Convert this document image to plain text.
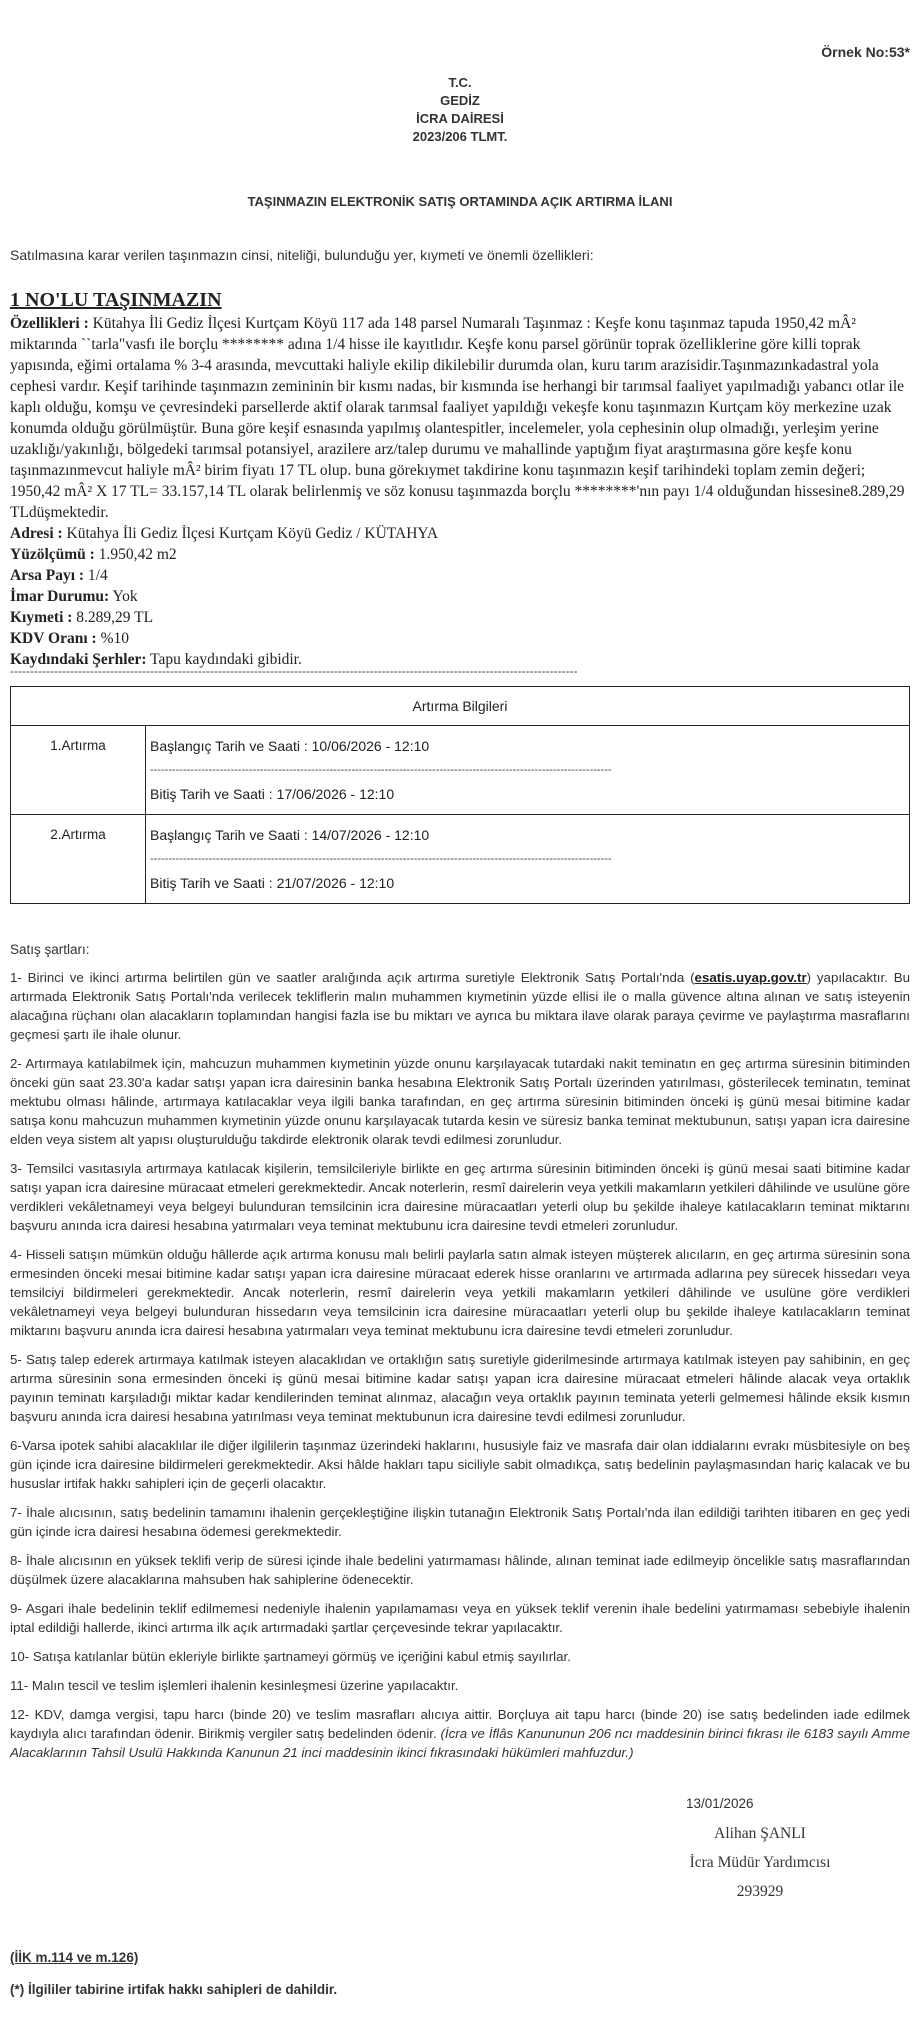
Örnek No:53*
T.C.
GEDİZ
İCRA DAİRESİ
2023/206 TLMT.
TAŞINMAZIN ELEKTRONİK SATIŞ ORTAMINDA AÇIK ARTIRMA İLANI
Satılmasına karar verilen taşınmazın cinsi, niteliği, bulunduğu yer, kıymeti ve önemli özellikleri:
1 NO'LU TAŞINMAZIN

Özellikleri : Kütahya İli Gediz İlçesi Kurtçam Köyü 117 ada 148 parsel Numaralı Taşınmaz : Keşfe konu taşınmaz tapuda 1950,42 mÂ² miktarında ``tarla"vasfı ile borçlu ******** adına 1/4 hisse ile kayıtlıdır. Keşfe konu parsel görünür toprak özelliklerine göre killi toprak yapısında, eğimi ortalama % 3-4 arasında, mevcuttaki haliyle ekilip dikilebilir durumda olan, kuru tarım arazisidir.Taşınmazınkadastral yola cephesi vardır. Keşif tarihinde taşınmazın zemininin bir kısmı nadas, bir kısmında ise herhangi bir tarımsal faaliyet yapılmadığı yabancı otlar ile kaplı olduğu, komşu ve çevresindeki parsellerde aktif olarak tarımsal faaliyet yapıldığı vekeşfe konu taşınmazın Kurtçam köy merkezine uzak konumda olduğu görülmüştür. Buna göre keşif esnasında yapılmış olantespitler, incelemeler, yola cephesinin olup olmadığı, yerleşim yerine uzaklığı/yakınlığı, bölgedeki tarımsal potansiyel, arazilere arz/talep durumu ve mahallinde yaptığım fiyat araştırmasına göre keşfe konu taşınmazınmevcut haliyle mÂ² birim fiyatı 17 TL olup. buna görekıymet takdirine konu taşınmazın keşif tarihindeki toplam zemin değeri; 1950,42 mÂ² X 17 TL= 33.157,14 TL olarak belirlenmiş ve söz konusu taşınmazda borçlu ********'nın payı 1/4 olduğundan hissesine8.289,29 TLdüşmektedir.

Adresi : Kütahya İli Gediz İlçesi Kurtçam Köyü Gediz / KÜTAHYA

Yüzölçümü : 1.950,42 m2

Arsa Payı : 1/4

İmar Durumu: Yok

Kıymeti : 8.289,29 TL

KDV Oranı : %10

Kaydındaki Şerhler: Tapu kaydındaki gibidir.

----------------------------------------------------------------------------------------------------------------------------------------------
Artırma Bilgileri	
1.Artırma	Başlangıç Tarih ve Saati : 10/06/2026 - 12:10
------------------------------------------------------------------------------------------------------------------------------
Bitiş Tarih ve Saati : 17/06/2026 - 12:10

2.Artırma	Başlangıç Tarih ve Saati : 14/07/2026 - 12:10
------------------------------------------------------------------------------------------------------------------------------
Bitiş Tarih ve Saati : 21/07/2026 - 12:10
Satış şartları:

1- Birinci ve ikinci artırma belirtilen gün ve saatler aralığında açık artırma suretiyle Elektronik Satış Portalı'nda (esatis.uyap.gov.tr) yapılacaktır. Bu artırmada Elektronik Satış Portalı'nda verilecek tekliflerin malın muhammen kıymetinin yüzde ellisi ile o malla güvence altına alınan ve satış isteyenin alacağına rüçhanı olan alacakların toplamından hangisi fazla ise bu miktarı ve ayrıca bu miktara ilave olarak paraya çevirme ve paylaştırma masraflarını geçmesi şartı ile ihale olunur.

2- Artırmaya katılabilmek için, mahcuzun muhammen kıymetinin yüzde onunu karşılayacak tutardaki nakit teminatın en geç artırma süresinin bitiminden önceki gün saat 23.30'a kadar satışı yapan icra dairesinin banka hesabına Elektronik Satış Portalı üzerinden yatırılması, gösterilecek teminatın, teminat mektubu olması hâlinde, artırmaya katılacaklar veya ilgili banka tarafından, en geç artırma süresinin bitiminden önceki iş günü mesai bitimine kadar satışa konu mahcuzun muhammen kıymetinin yüzde onunu karşılayacak tutarda kesin ve süresiz banka teminat mektubunun, satışı yapan icra dairesine elden veya sistem alt yapısı oluşturulduğu takdirde elektronik olarak tevdi edilmesi zorunludur.

3- Temsilci vasıtasıyla artırmaya katılacak kişilerin, temsilcileriyle birlikte en geç artırma süresinin bitiminden önceki iş günü mesai saati bitimine kadar satışı yapan icra dairesine müracaat etmeleri gerekmektedir. Ancak noterlerin, resmî dairelerin veya yetkili makamların yetkileri dâhilinde ve usulüne göre verdikleri vekâletnameyi veya belgeyi bulunduran temsilcinin icra dairesine müracaatları yeterli olup bu şekilde ihaleye katılacakların teminat miktarını başvuru anında icra dairesi hesabına yatırmaları veya teminat mektubunu icra dairesine tevdi etmeleri zorunludur.

4- Hisseli satışın mümkün olduğu hâllerde açık artırma konusu malı belirli paylarla satın almak isteyen müşterek alıcıların, en geç artırma süresinin sona ermesinden önceki mesai bitimine kadar satışı yapan icra dairesine müracaat ederek hisse oranlarını ve artırmada adlarına pey sürecek hissedarı veya temsilciyi bildirmeleri gerekmektedir. Ancak noterlerin, resmî dairelerin veya yetkili makamların yetkileri dâhilinde ve usulüne göre verdikleri vekâletnameyi veya belgeyi bulunduran hissedarın veya temsilcinin icra dairesine müracaatları yeterli olup bu şekilde ihaleye katılacakların teminat miktarını başvuru anında icra dairesi hesabına yatırmaları veya teminat mektubunu icra dairesine tevdi etmeleri zorunludur.

5- Satış talep ederek artırmaya katılmak isteyen alacaklıdan ve ortaklığın satış suretiyle giderilmesinde artırmaya katılmak isteyen pay sahibinin, en geç artırma süresinin sona ermesinden önceki iş günü mesai bitimine kadar satışı yapan icra dairesine müracaat etmeleri hâlinde alacak veya ortaklık payının teminatı karşıladığı miktar kadar kendilerinden teminat alınmaz, alacağın veya ortaklık payının teminata yeterli gelmemesi hâlinde eksik kısmın başvuru anında icra dairesi hesabına yatırılması veya teminat mektubunun icra dairesine tevdi edilmesi zorunludur.

6-Varsa ipotek sahibi alacaklılar ile diğer ilgililerin taşınmaz üzerindeki haklarını, hususiyle faiz ve masrafa dair olan iddialarını evrakı müsbitesiyle on beş gün içinde icra dairesine bildirmeleri gerekmektedir. Aksi hâlde hakları tapu siciliyle sabit olmadıkça, satış bedelinin paylaşmasından hariç kalacak ve bu hususlar irtifak hakkı sahipleri için de geçerli olacaktır.

7- İhale alıcısının, satış bedelinin tamamını ihalenin gerçekleştiğine ilişkin tutanağın Elektronik Satış Portalı'nda ilan edildiği tarihten itibaren en geç yedi gün içinde icra dairesi hesabına ödemesi gerekmektedir.

8- İhale alıcısının en yüksek teklifi verip de süresi içinde ihale bedelini yatırmaması hâlinde, alınan teminat iade edilmeyip öncelikle satış masraflarından düşülmek üzere alacaklarına mahsuben hak sahiplerine ödenecektir.

9- Asgari ihale bedelinin teklif edilmemesi nedeniyle ihalenin yapılamaması veya en yüksek teklif verenin ihale bedelini yatırmaması sebebiyle ihalenin iptal edildiği hallerde, ikinci artırma ilk açık artırmadaki şartlar çerçevesinde tekrar yapılacaktır.

10- Satışa katılanlar bütün ekleriyle birlikte şartnameyi görmüş ve içeriğini kabul etmiş sayılırlar.

11- Malın tescil ve teslim işlemleri ihalenin kesinleşmesi üzerine yapılacaktır.

12- KDV, damga vergisi, tapu harcı (binde 20) ve teslim masrafları alıcıya aittir. Borçluya ait tapu harcı (binde 20) ise satış bedelinden iade edilmek kaydıyla alıcı tarafından ödenir. Birikmiş vergiler satış bedelinden ödenir. (İcra ve İflâs Kanununun 206 ncı maddesinin birinci fıkrası ile 6183 sayılı Amme Alacaklarının Tahsil Usulü Hakkında Kanunun 21 inci maddesinin ikinci fıkrasındaki hükümleri mahfuzdur.)

13/01/2026
Alihan ŞANLI
İcra Müdür Yardımcısı
293929
(İİK m.114 ve m.126)
(*) İlgililer tabirine irtifak hakkı sahipleri de dahildir.
